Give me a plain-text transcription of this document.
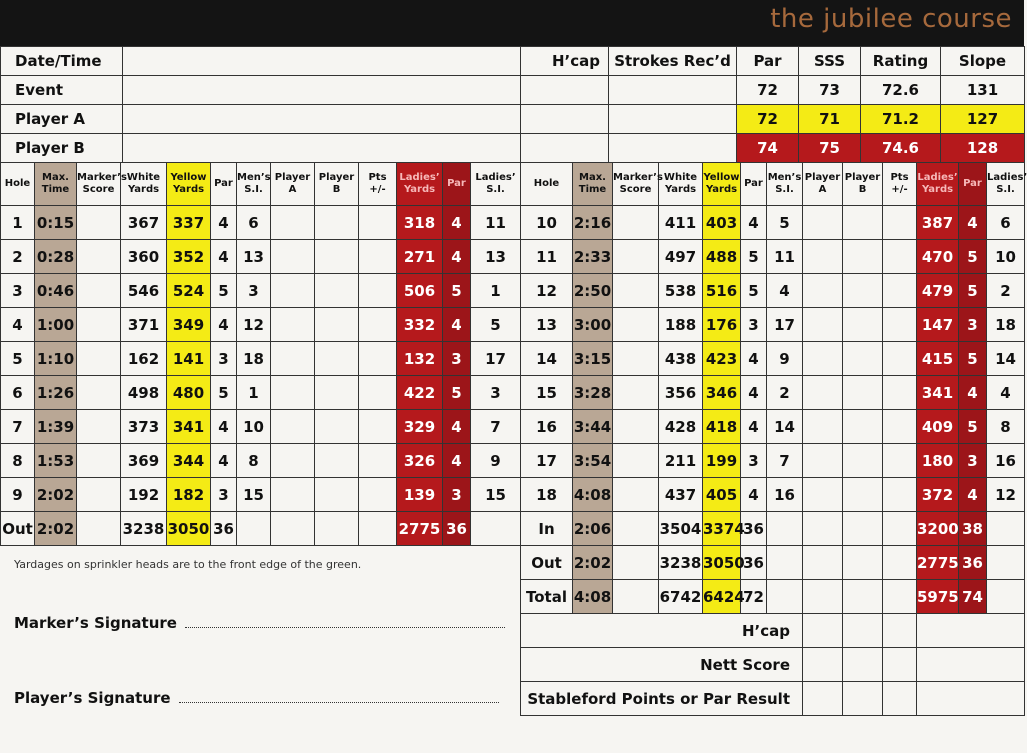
the jubilee course
Date/Time		H’cap	Strokes Rec’d	Par	SSS	Rating	Slope
Event				72	73	72.6	131
Player A				72	71	71.2	127
Player B				74	75	74.6	128
Hole	Max. Time	Marker’s Score	White Yards	Yellow Yards	Par	Men’s S.I.	Player A	Player B	Pts +/-	Ladies’ Yards	Par	Ladies’ S.I.
1	0:15		367	337	4	6				318	4	11
2	0:28		360	352	4	13				271	4	13
3	0:46		546	524	5	3				506	5	1
4	1:00		371	349	4	12				332	4	5
5	1:10		162	141	3	18				132	3	17
6	1:26		498	480	5	1				422	5	3
7	1:39		373	341	4	10				329	4	7
8	1:53		369	344	4	8				326	4	9
9	2:02		192	182	3	15				139	3	15
Out	2:02		3238	3050	36					2775	36	
Hole	Max. Time	Marker’s Score	White Yards	Yellow Yards	Par	Men’s S.I.	Player A	Player B	Pts +/-	Ladies’ Yards	Par	Ladies’ S.I.
10	2:16		411	403	4	5				387	4	6
11	2:33		497	488	5	11				470	5	10
12	2:50		538	516	5	4				479	5	2
13	3:00		188	176	3	17				147	3	18
14	3:15		438	423	4	9				415	5	14
15	3:28		356	346	4	2				341	4	4
16	3:44		428	418	4	14				409	5	8
17	3:54		211	199	3	7				180	3	16
18	4:08		437	405	4	16				372	4	12
In	2:06		3504	3374	36					3200	38	
Out	2:02		3238	3050	36					2775	36	
Total	4:08		6742	6424	72					5975	74	
H’cap												
Nett Score												
Stableford Points or Par Result												
Yardages on sprinkler heads are to the front edge of the green.
Marker’s Signature
Player’s Signature
